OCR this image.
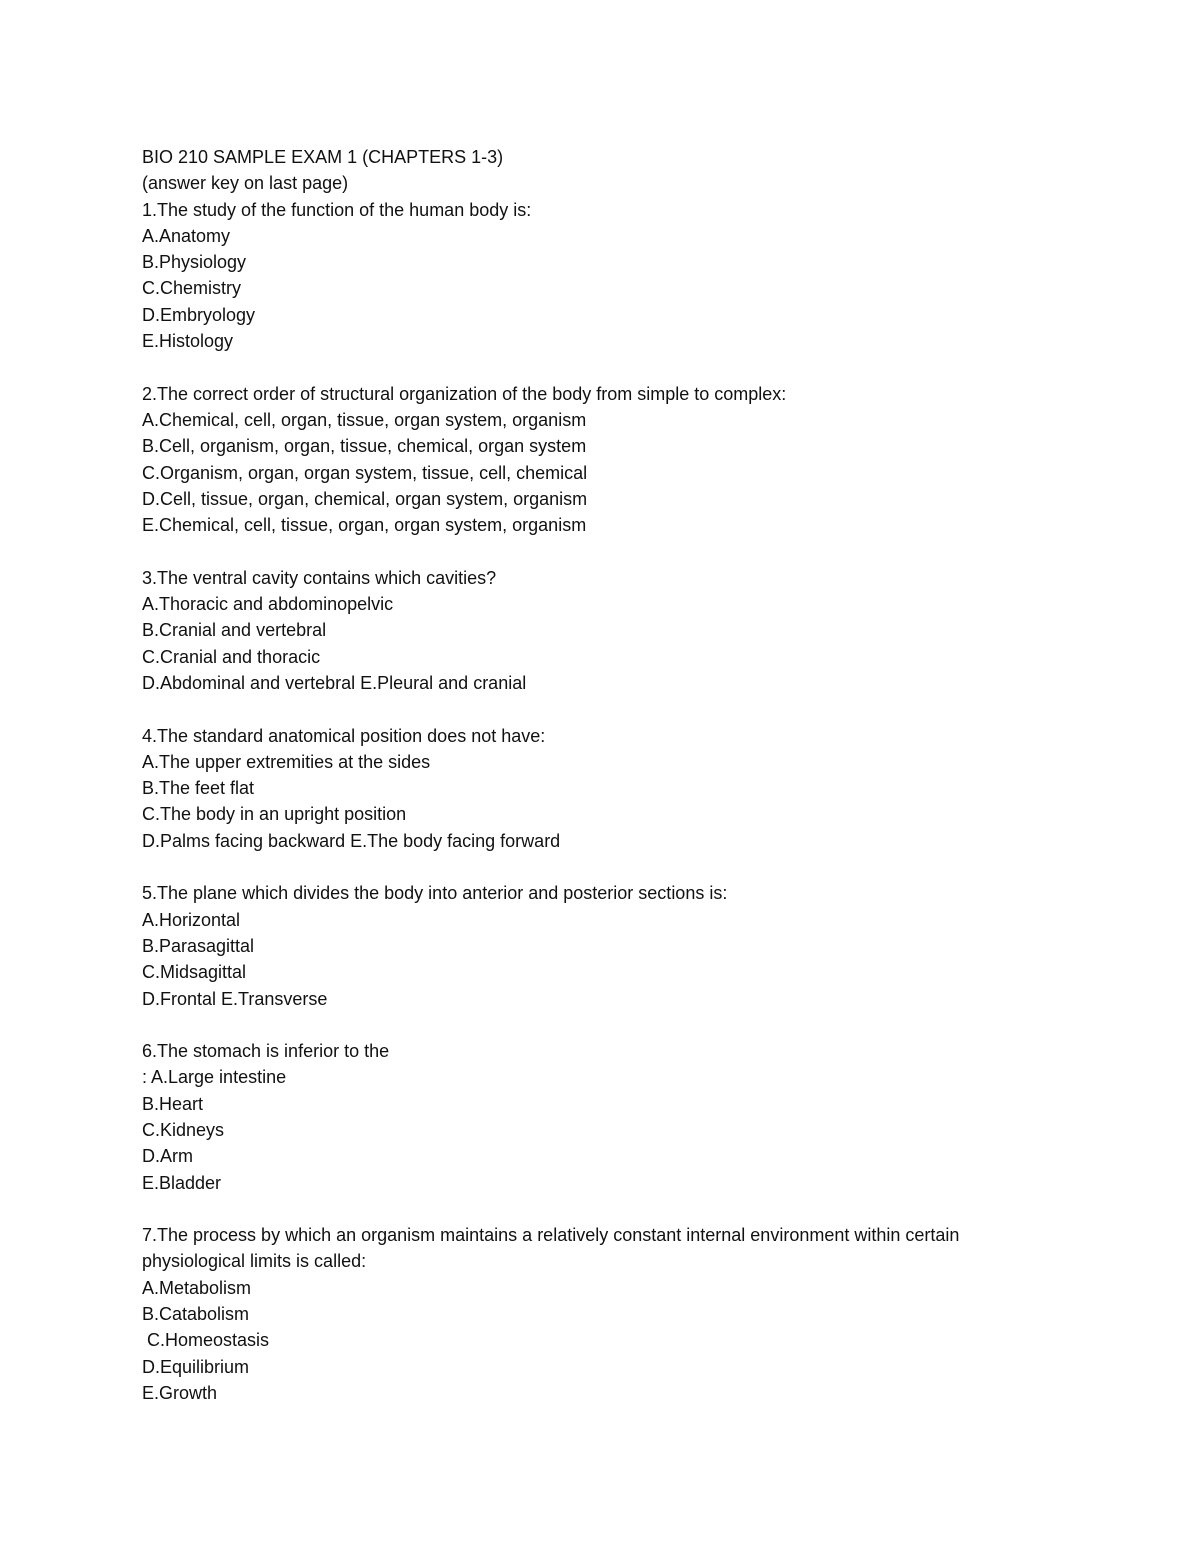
BIO 210 SAMPLE EXAM 1 (CHAPTERS 1-3)

(answer key on last page)

1.The study of the function of the human body is:

A.Anatomy

B.Physiology

C.Chemistry

D.Embryology

E.Histology

2.The correct order of structural organization of the body from simple to complex:

A.Chemical, cell, organ, tissue, organ system, organism

B.Cell, organism, organ, tissue, chemical, organ system

C.Organism, organ, organ system, tissue, cell, chemical

D.Cell, tissue, organ, chemical, organ system, organism

E.Chemical, cell, tissue, organ, organ system, organism

3.The ventral cavity contains which cavities?

A.Thoracic and abdominopelvic

B.Cranial and vertebral

C.Cranial and thoracic

D.Abdominal and vertebral E.Pleural and cranial

4.The standard anatomical position does not have:

A.The upper extremities at the sides

B.The feet flat

C.The body in an upright position

D.Palms facing backward E.The body facing forward

5.The plane which divides the body into anterior and posterior sections is:

A.Horizontal

B.Parasagittal

C.Midsagittal

D.Frontal E.Transverse

6.The stomach is inferior to the

: A.Large intestine

B.Heart

C.Kidneys

D.Arm

E.Bladder

7.The process by which an organism maintains a relatively constant internal environment within certain

physiological limits is called:

A.Metabolism

B.Catabolism

C.Homeostasis

D.Equilibrium

E.Growth
